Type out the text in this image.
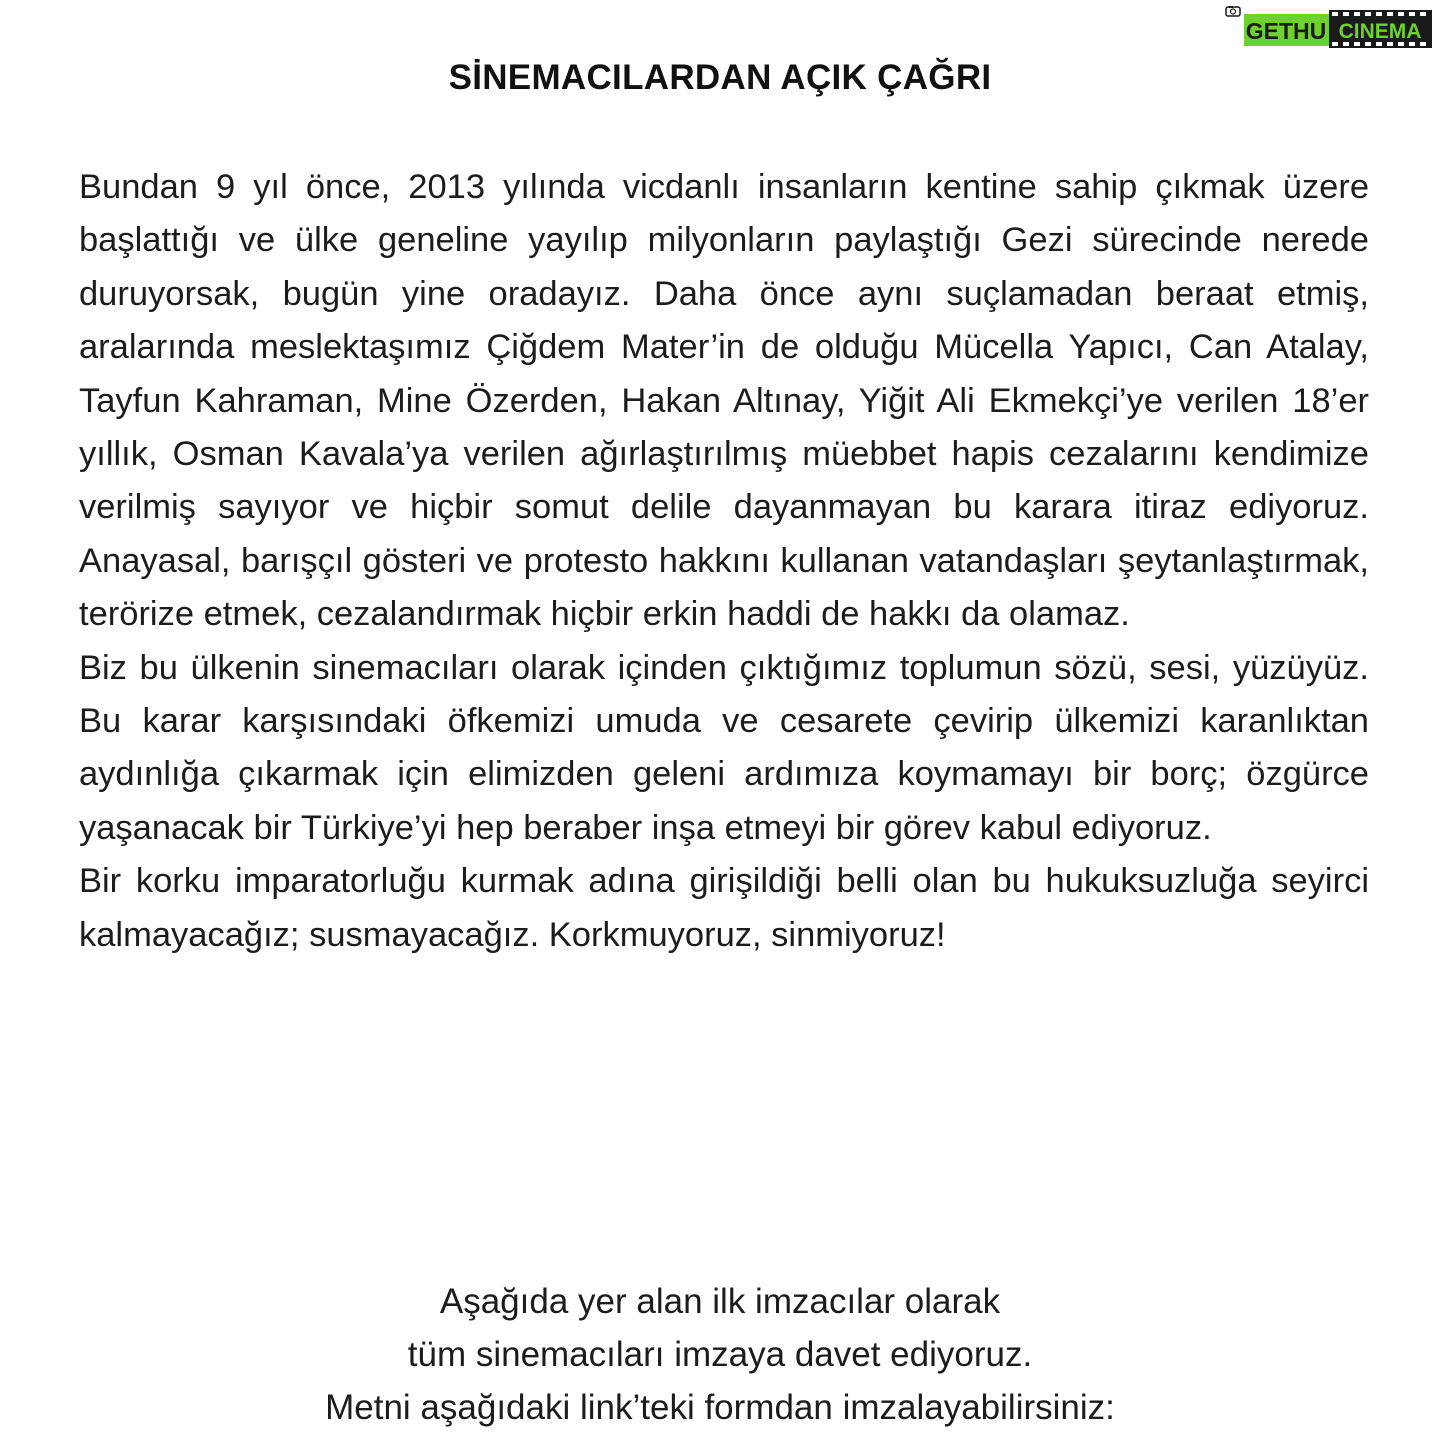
GETHU CINEMA
SİNEMACILARDAN AÇIK ÇAĞRI

Bundan 9 yıl önce, 2013 yılında vicdanlı insanların kentine sahip çıkmak üzere başlattığı ve ülke geneline yayılıp milyonların paylaştığı Gezi sürecinde nerede duruyorsak, bugün yine oradayız. Daha önce aynı suçlamadan beraat etmiş, aralarında meslektaşımız Çiğdem Mater’in de olduğu Mücella Yapıcı, Can Atalay, Tayfun Kahraman, Mine Özerden, Hakan Altınay, Yiğit Ali Ekmekçi’ye verilen 18’er yıllık, Osman Kavala’ya verilen ağırlaştırılmış müebbet hapis cezalarını kendimize verilmiş sayıyor ve hiçbir somut delile dayanmayan bu karara itiraz ediyoruz. Anayasal, barışçıl gösteri ve protesto hakkını kullanan vatandaşları şeytanlaştırmak, terörize etmek, cezalandırmak hiçbir erkin haddi de hakkı da olamaz.

Biz bu ülkenin sinemacıları olarak içinden çıktığımız toplumun sözü, sesi, yüzüyüz. Bu karar karşısındaki öfkemizi umuda ve cesarete çevirip ülkemizi karanlıktan aydınlığa çıkarmak için elimizden geleni ardımıza koymamayı bir borç; özgürce yaşanacak bir Türkiye’yi hep beraber inşa etmeyi bir görev kabul ediyoruz.

Bir korku imparatorluğu kurmak adına girişildiği belli olan bu hukuksuzluğa seyirci kalmayacağız; susmayacağız. Korkmuyoruz, sinmiyoruz!

Aşağıda yer alan ilk imzacılar olarak
tüm sinemacıları imzaya davet ediyoruz.
Metni aşağıdaki link’teki formdan imzalayabilirsiniz:
